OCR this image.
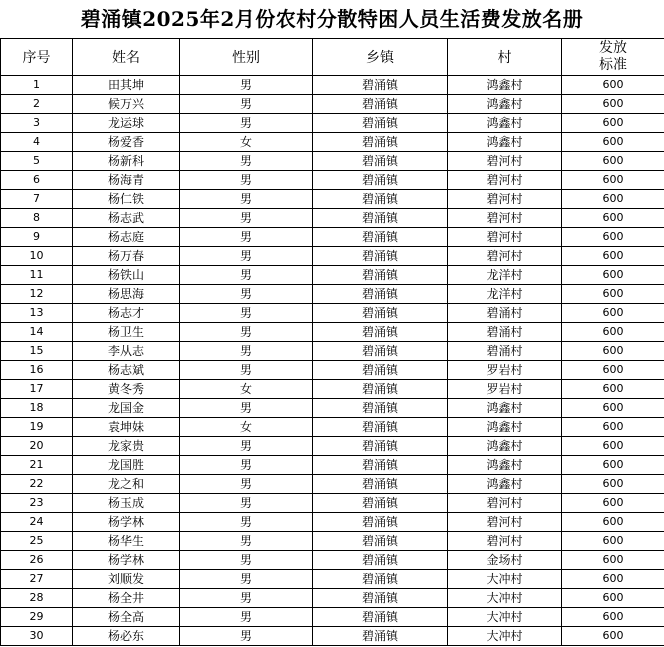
碧涌镇2025年2月份农村分散特困人员生活费发放名册
序号	姓名	性别	乡镇	村	发放
标准
1	田其坤	男	碧涌镇	鸿鑫村	600
2	候万兴	男	碧涌镇	鸿鑫村	600
3	龙运球	男	碧涌镇	鸿鑫村	600
4	杨爱香	女	碧涌镇	鸿鑫村	600
5	杨新科	男	碧涌镇	碧河村	600
6	杨海青	男	碧涌镇	碧河村	600
7	杨仁铁	男	碧涌镇	碧河村	600
8	杨志武	男	碧涌镇	碧河村	600
9	杨志庭	男	碧涌镇	碧河村	600
10	杨万春	男	碧涌镇	碧河村	600
11	杨铁山	男	碧涌镇	龙洋村	600
12	杨思海	男	碧涌镇	龙洋村	600
13	杨志才	男	碧涌镇	碧涌村	600
14	杨卫生	男	碧涌镇	碧涌村	600
15	李从志	男	碧涌镇	碧涌村	600
16	杨志斌	男	碧涌镇	罗岩村	600
17	黄冬秀	女	碧涌镇	罗岩村	600
18	龙国金	男	碧涌镇	鸿鑫村	600
19	袁坤妹	女	碧涌镇	鸿鑫村	600
20	龙家贵	男	碧涌镇	鸿鑫村	600
21	龙国胜	男	碧涌镇	鸿鑫村	600
22	龙之和	男	碧涌镇	鸿鑫村	600
23	杨玉成	男	碧涌镇	碧河村	600
24	杨学林	男	碧涌镇	碧河村	600
25	杨华生	男	碧涌镇	碧河村	600
26	杨学林	男	碧涌镇	金场村	600
27	刘顺发	男	碧涌镇	大冲村	600
28	杨全井	男	碧涌镇	大冲村	600
29	杨全高	男	碧涌镇	大冲村	600
30	杨必东	男	碧涌镇	大冲村	600
